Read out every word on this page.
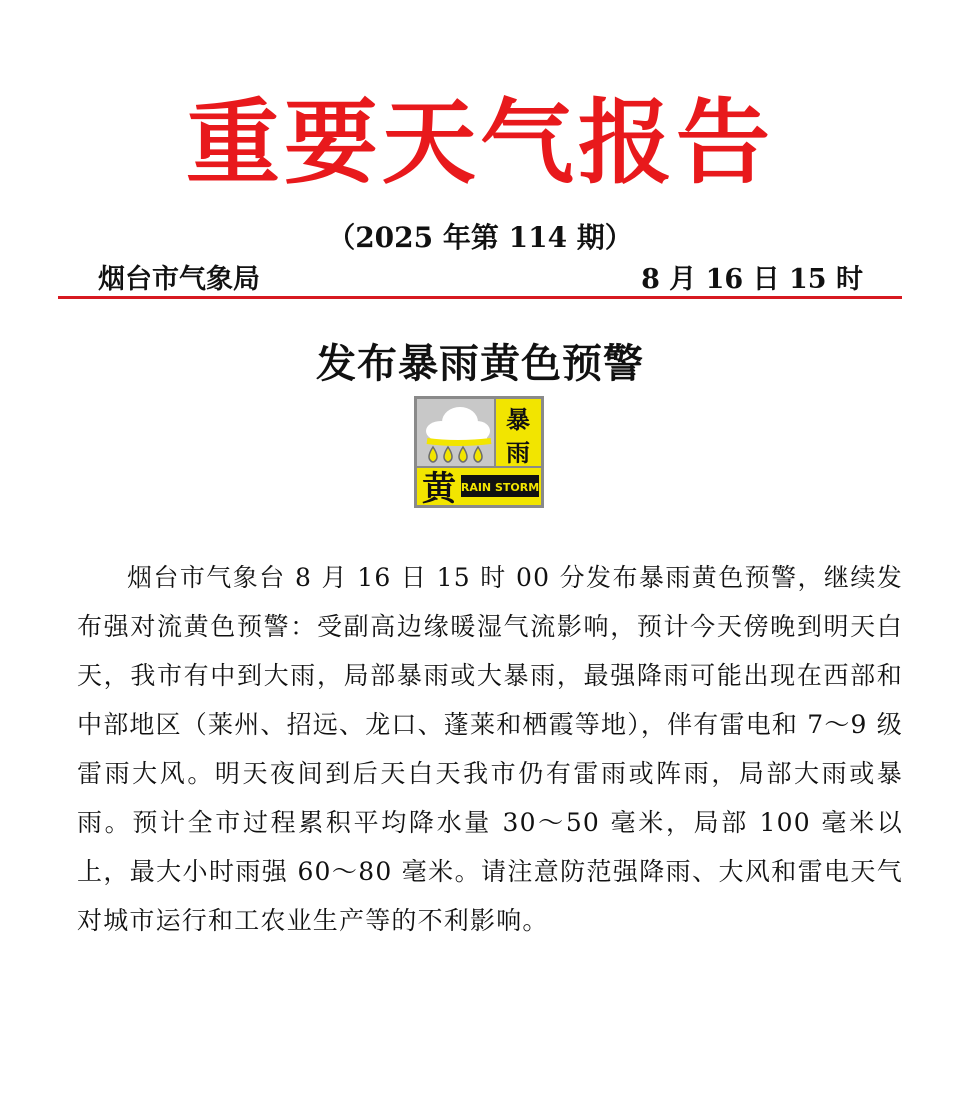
重要天气报告
（2025 年第 114 期）
烟台市气象局	8 月 16 日 15 时
发布暴雨黄色预警
暴
雨
黄 RAIN STORM

烟台市气象台 8 月 16 日 15 时 00 分发布暴雨黄色预警，继续发布强对流黄色预警：受副高边缘暖湿气流影响，预计今天傍晚到明天白天，我市有中到大雨，局部暴雨或大暴雨，最强降雨可能出现在西部和中部地区（莱州、招远、龙口、蓬莱和栖霞等地），伴有雷电和 7～9 级雷雨大风。明天夜间到后天白天我市仍有雷雨或阵雨，局部大雨或暴雨。预计全市过程累积平均降水量 30～50 毫米，局部 100 毫米以上，最大小时雨强 60～80 毫米。请注意防范强降雨、大风和雷电天气对城市运行和工农业生产等的不利影响。
